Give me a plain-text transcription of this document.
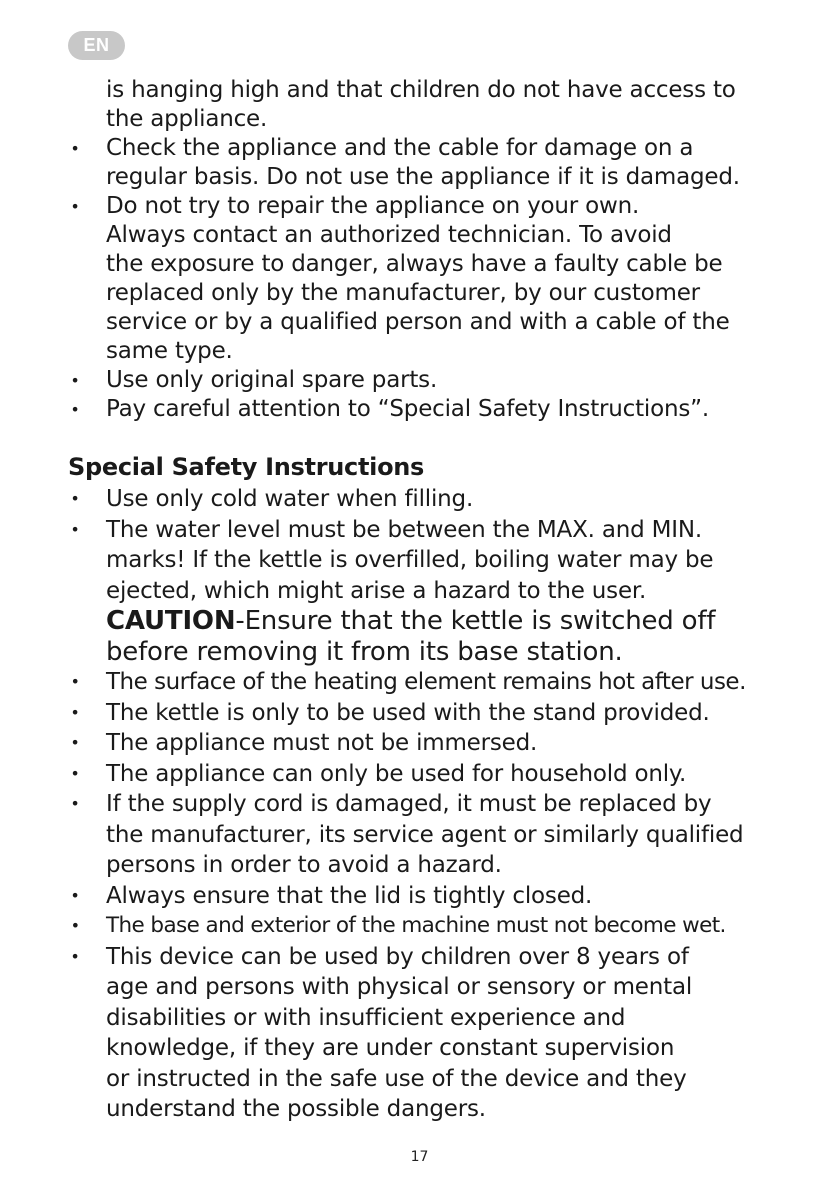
EN
is hanging high and that children do not have access to
the appliance.
• Check the appliance and the cable for damage on a
regular basis. Do not use the appliance if it is damaged.
• Do not try to repair the appliance on your own.
Always contact an authorized technician. To avoid
the exposure to danger, always have a faulty cable be
replaced only by the manufacturer, by our customer
service or by a qualified person and with a cable of the
same type.
• Use only original spare parts.
• Pay careful attention to “Special Safety Instructions”.
Special Safety Instructions
• Use only cold water when filling.
• The water level must be between the MAX. and MIN.
marks! If the kettle is overfilled, boiling water may be
ejected, which might arise a hazard to the user.
CAUTION-Ensure that the kettle is switched off
before removing it from its base station.
• The surface of the heating element remains hot after use.
• The kettle is only to be used with the stand provided.
• The appliance must not be immersed.
• The appliance can only be used for household only.
• If the supply cord is damaged, it must be replaced by
the manufacturer, its service agent or similarly qualified
persons in order to avoid a hazard.
• Always ensure that the lid is tightly closed.
• The base and exterior of the machine must not become wet.
• This device can be used by children over 8 years of
age and persons with physical or sensory or mental
disabilities or with insufficient experience and
knowledge, if they are under constant supervision
or instructed in the safe use of the device and they
understand the possible dangers.
17
